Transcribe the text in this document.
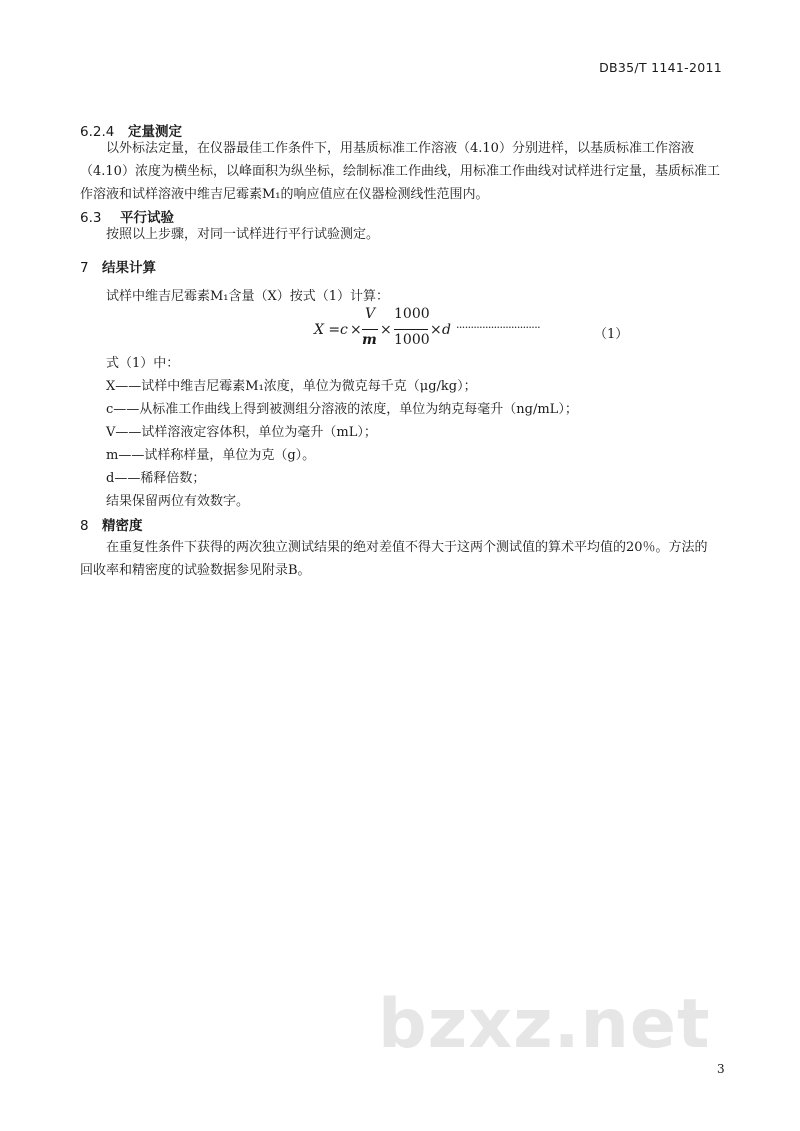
DB35/T 1141-2011
6.2.4 定量测定

以外标法定量，在仪器最佳工作条件下，用基质标准工作溶液（4.10）分别进样，以基质标准工作溶液（4.10）浓度为横坐标，以峰面积为纵坐标，绘制标准工作曲线，用标准工作曲线对试样进行定量，基质标准工作溶液和试样溶液中维吉尼霉素M₁的响应值应在仪器检测线性范围内。

6.3 平行试验

按照以上步骤，对同一试样进行平行试验测定。

7 结果计算
试样中维吉尼霉素M₁含量（X）按式（1）计算：
X = c ×
V
m
×
1000
1000
× d ·····························	（1）
式（1）中：
X——试样中维吉尼霉素M₁浓度，单位为微克每千克（μg/kg）；
c——从标准工作曲线上得到被测组分溶液的浓度，单位为纳克每毫升（ng/mL）；
V——试样溶液定容体积，单位为毫升（mL）；
m——试样称样量，单位为克（g）。
d——稀释倍数；
结果保留两位有效数字。
8 精密度

在重复性条件下获得的两次独立测试结果的绝对差值不得大于这两个测试值的算术平均值的20％。方法的回收率和精密度的试验数据参见附录B。

bzxz.net
3
